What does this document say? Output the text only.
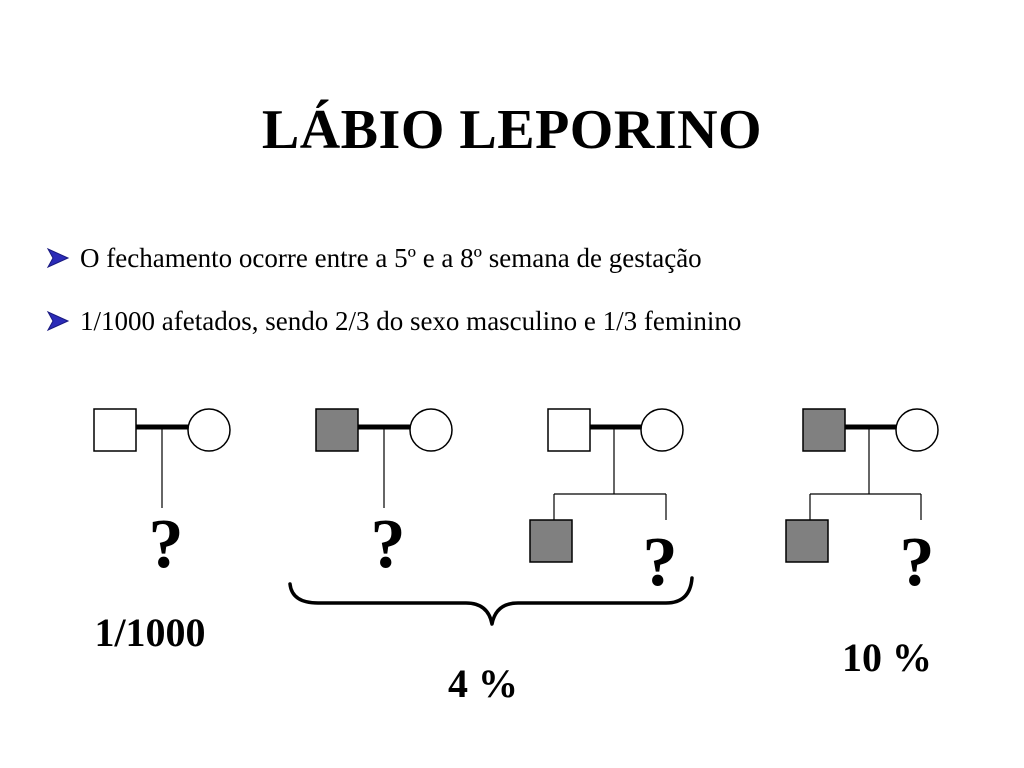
LÁBIO LEPORINO
O fechamento ocorre entre a 5º e a 8º semana de gestação
1/1000 afetados, sendo 2/3 do sexo masculino e 1/3 feminino
?	?	?	?
1/1000
4 %
10 %
